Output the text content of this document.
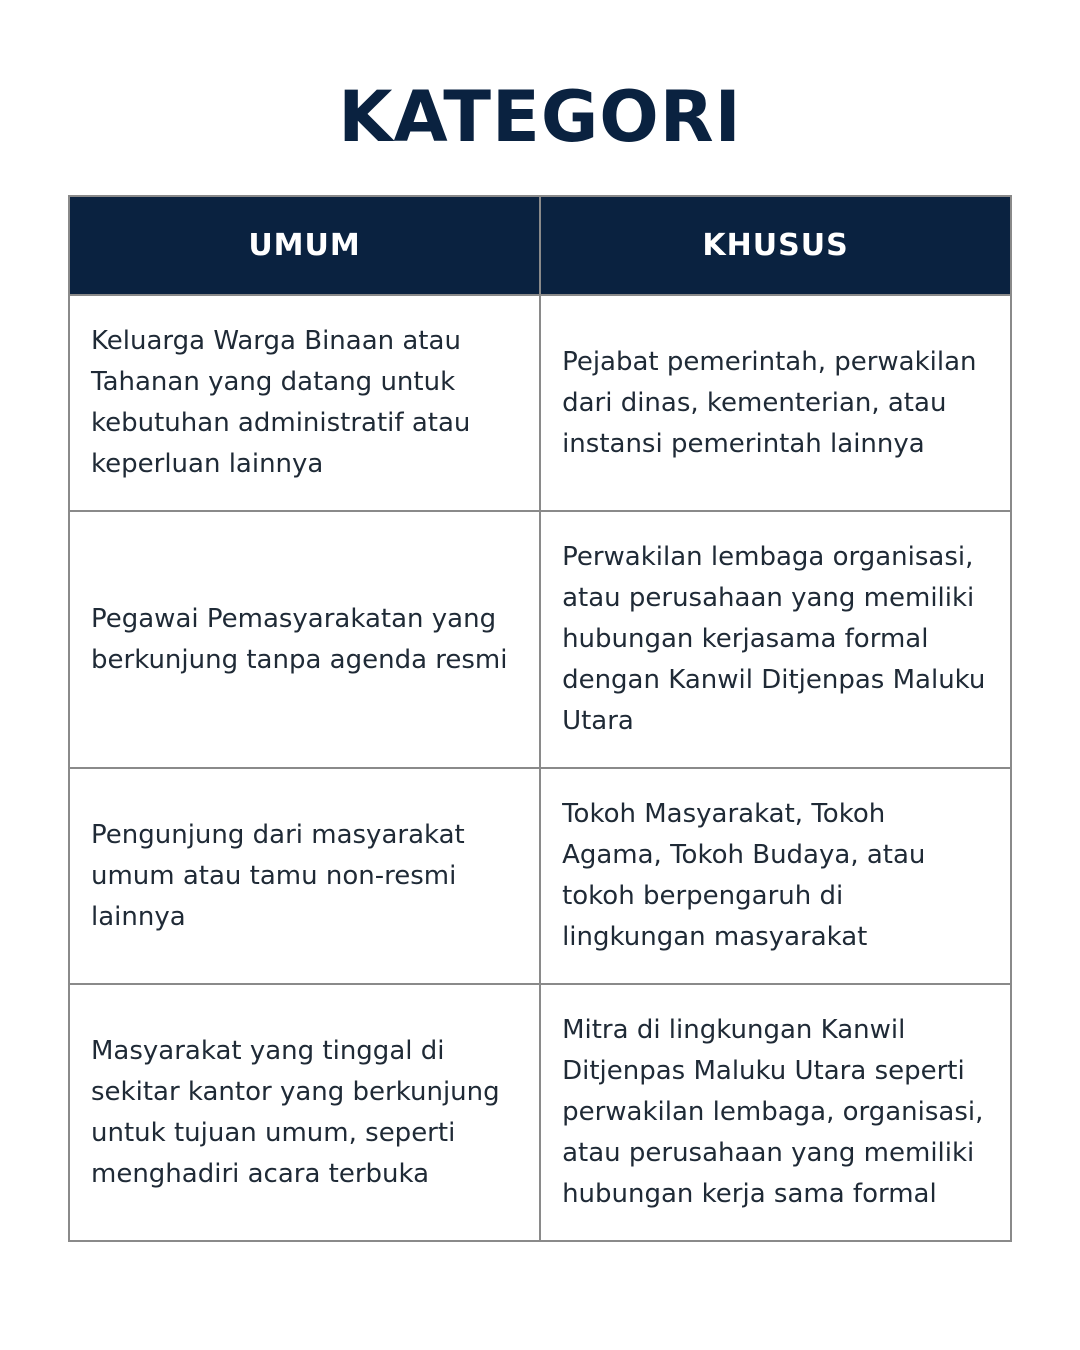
KATEGORI
UMUM	KHUSUS
Keluarga Warga Binaan atau Tahanan yang datang untuk kebutuhan administratif atau keperluan lainnya	Pejabat pemerintah, perwakilan dari dinas, kementerian, atau instansi pemerintah lainnya
Pegawai Pemasyarakatan yang berkunjung tanpa agenda resmi	Perwakilan lembaga organisasi, atau perusahaan yang memiliki hubungan kerjasama formal dengan Kanwil Ditjenpas Maluku Utara
Pengunjung dari masyarakat umum atau tamu non-resmi lainnya	Tokoh Masyarakat, Tokoh Agama, Tokoh Budaya, atau tokoh berpengaruh di lingkungan masyarakat
Masyarakat yang tinggal di sekitar kantor yang berkunjung untuk tujuan umum, seperti menghadiri acara terbuka	Mitra di lingkungan Kanwil Ditjenpas Maluku Utara seperti perwakilan lembaga, organisasi, atau perusahaan yang memiliki hubungan kerja sama formal
